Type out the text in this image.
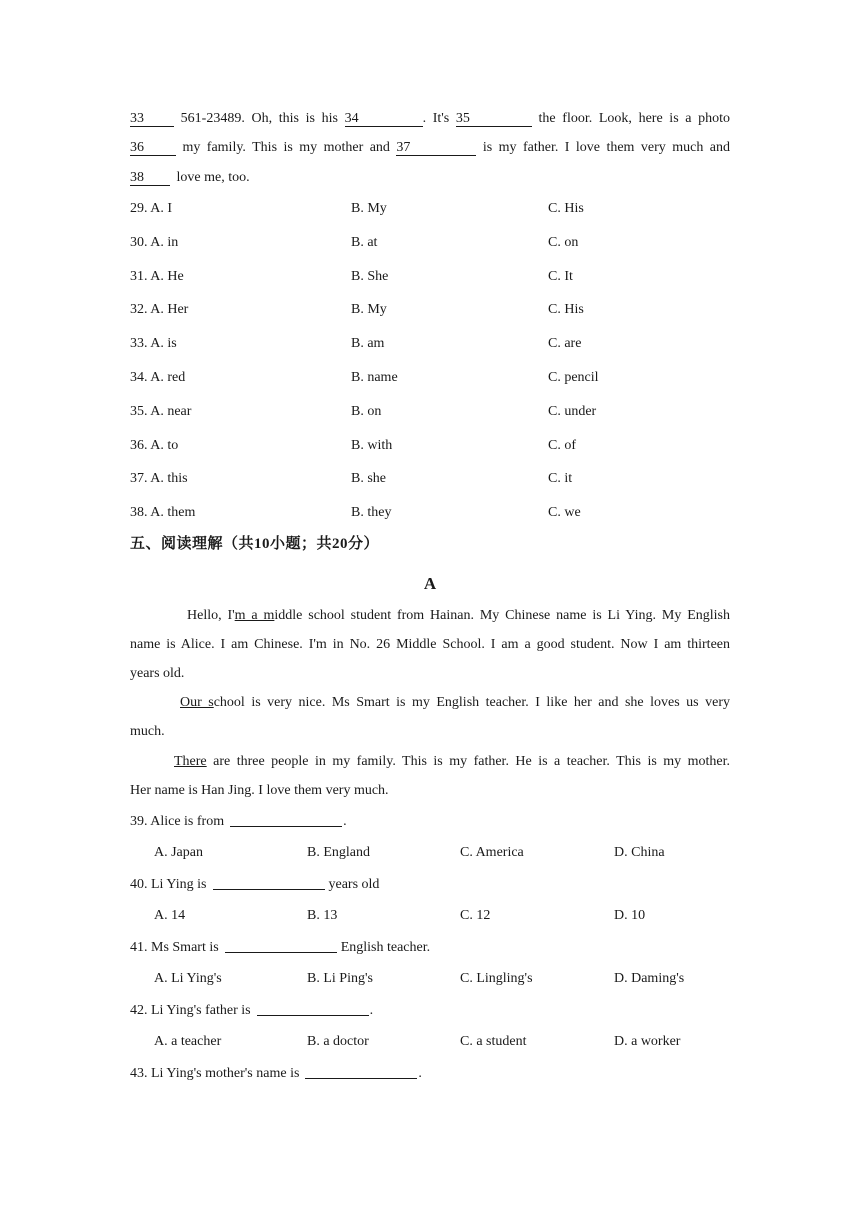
33	561-23489. Oh, this is his 34	. It's 35	the floor. Look, here is a photo
36	my family. This is my mother and 37	is my father. I love them very much and
38 love me, too.
29. A. I	B. My	C. His
30. A. in	B. at	C. on
31. A. He	B. She	C. It
32. A. Her	B. My	C. His
33. A. is	B. am	C. are
34. A. red	B. name	C. pencil
35. A. near	B. on	C. under
36. A. to	B. with	C. of
37. A. this	B. she	C. it
38. A. them	B. they	C. we
五、阅读理解（共10小题；共20分）
A
Hello, I'm a middle school student from Hainan. My Chinese name is Li Ying. My English
name is Alice. I am Chinese. I'm in No. 26 Middle School. I am a good student. Now I am thirteen
years old.
Our school is very nice. Ms Smart is my English teacher. I like her and she loves us very
much.
There are three people in my family. This is my father. He is a teacher. This is my mother.
Her name is Han Jing. I love them very much.
39. Alice is from	.
A. Japan	B. England	C. America	D. China
40. Li Ying is	years old
A. 14	B. 13	C. 12	D. 10
41. Ms Smart is	English teacher.
A. Li Ying's	B. Li Ping's	C. Lingling's	D. Daming's
42. Li Ying's father is	.
A. a teacher	B. a doctor	C. a student	D. a worker
43. Li Ying's mother's name is	.
